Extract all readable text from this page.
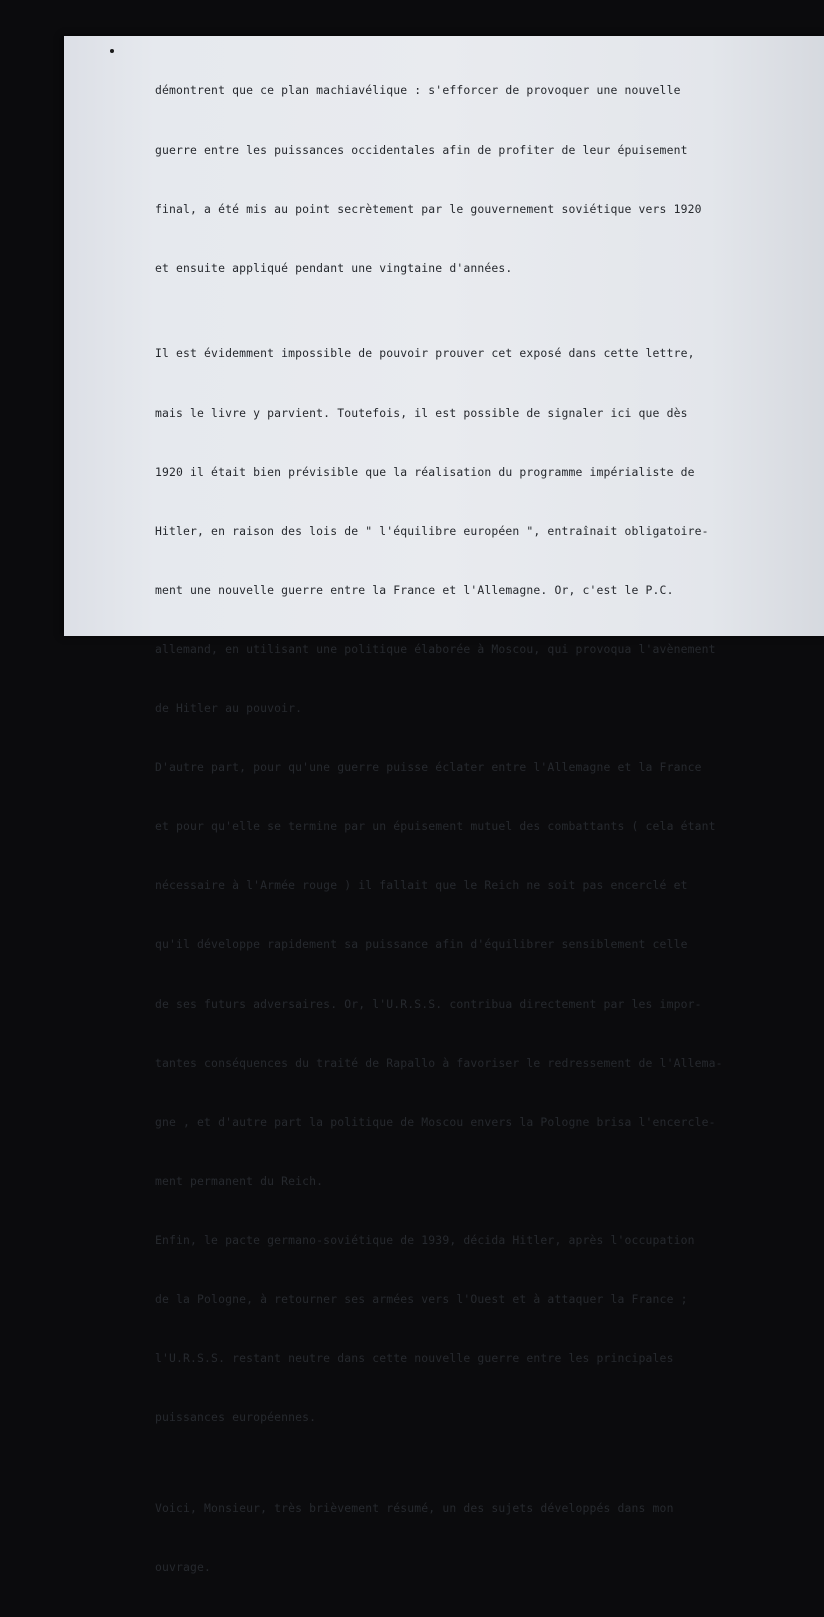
démontrent que ce plan machiavélique : s'efforcer de provoquer une nouvelle

guerre entre les puissances occidentales afin de profiter de leur épuisement

final, a été mis au point secrètement par le gouvernement soviétique vers 1920

et ensuite appliqué pendant une vingtaine d'années.

Il est évidemment impossible de pouvoir prouver cet exposé dans cette lettre,

mais le livre y parvient. Toutefois, il est possible de signaler ici que dès

1920 il était bien prévisible que la réalisation du programme impérialiste de

Hitler, en raison des lois de " l'équilibre européen ", entraînait obligatoire-

ment une nouvelle guerre entre la France et l'Allemagne. Or, c'est le P.C.

allemand, en utilisant une politique élaborée à Moscou, qui provoqua l'avènement

de Hitler au pouvoir.

D'autre part, pour qu'une guerre puisse éclater entre l'Allemagne et la France

et pour qu'elle se termine par un épuisement mutuel des combattants ( cela étant

nécessaire à l'Armée rouge ) il fallait que le Reich ne soit pas encerclé et

qu'il développe rapidement sa puissance afin d'équilibrer sensiblement celle

de ses futurs adversaires. Or, l'U.R.S.S. contribua directement par les impor-

tantes conséquences du traité de Rapallo à favoriser le redressement de l'Allema-

gne , et d'autre part la politique de Moscou envers la Pologne brisa l'encercle-

ment permanent du Reich.

Enfin, le pacte germano-soviétique de 1939, décida Hitler, après l'occupation

de la Pologne, à retourner ses armées vers l'Ouest et à attaquer la France ;

l'U.R.S.S. restant neutre dans cette nouvelle guerre entre les principales

puissances européennes.

Voici, Monsieur, très brièvement résumé, un des sujets développés dans mon

ouvrage.
